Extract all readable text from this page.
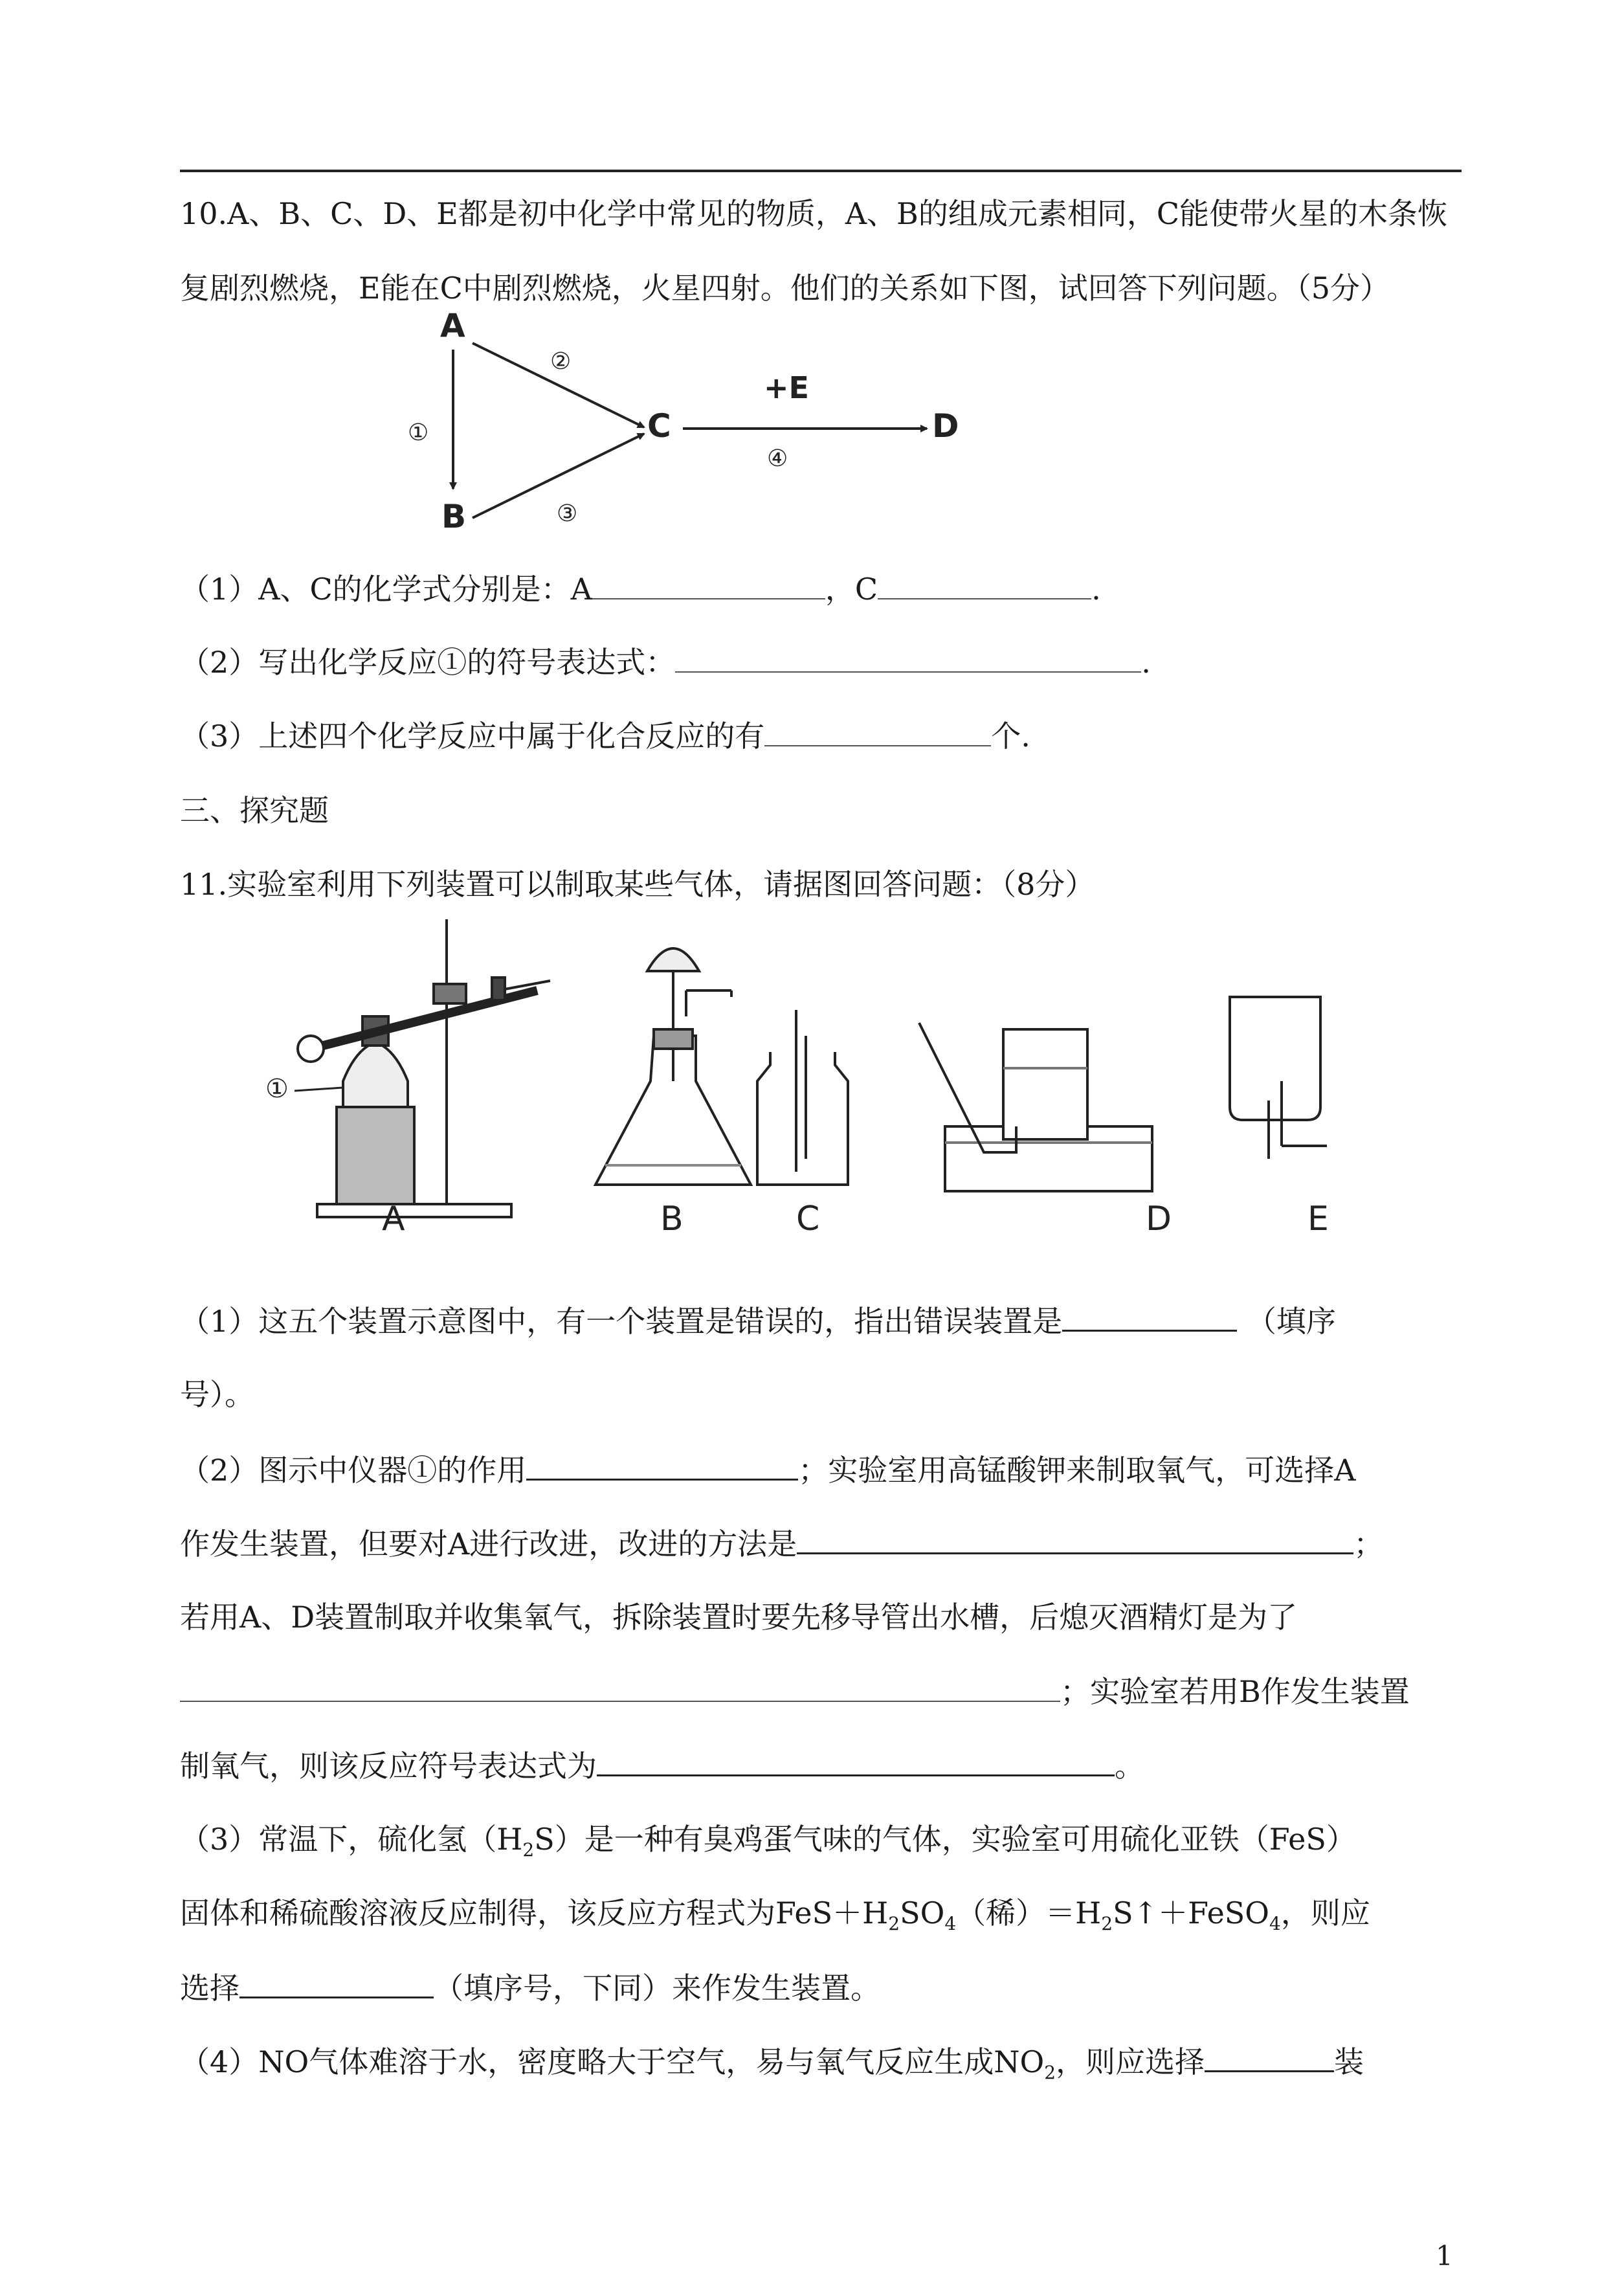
10.A、B、C、D、E都是初中化学中常见的物质，A、B的组成元素相同，C能使带火星的木条恢
复剧烈燃烧，E能在C中剧烈燃烧，火星四射。他们的关系如下图，试回答下列问题。（5分）
A
B
C	D
+E
①
②
③
④
（1）A、C的化学式分别是：A	，C	.
（2）写出化学反应①的符号表达式：	.
（3）上述四个化学反应中属于化合反应的有	个.
三、探究题
11.实验室利用下列装置可以制取某些气体，请据图回答问题：（8分）
①
A	B	C	D	E
（1）这五个装置示意图中，有一个装置是错误的，指出错误装置是	（填序
号）。
（2）图示中仪器①的作用	；实验室用高锰酸钾来制取氧气，可选择A
作发生装置，但要对A进行改进，改进的方法是	；
若用A、D装置制取并收集氧气，拆除装置时要先移导管出水槽，后熄灭酒精灯是为了
；实验室若用B作发生装置
制氧气，则该反应符号表达式为	。
（3）常温下，硫化氢$(H_2S)$是一种有臭鸡蛋气味的气体，实验室可用硫化亚铁（FeS）
固体和稀硫酸溶液反应制得，该反应方程式为$FeS+H_2SO_4$（稀）$=H_2S↑+FeSO_4$，则应
选择	（填序号，下同）来作发生装置。
（4）NO气体难溶于水，密度略大于空气，易与氧气反应生成$NO_2$，则应选择	装
1
